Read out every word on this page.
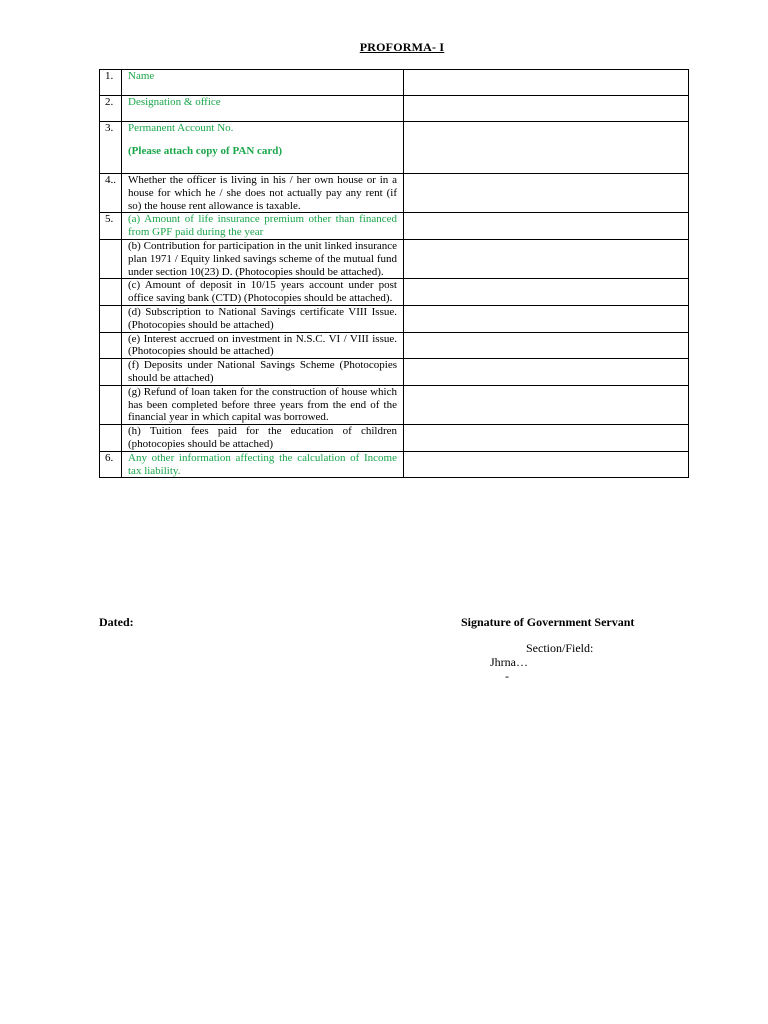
PROFORMA- I
1.	Name	
2.	Designation & office	
3.	Permanent Account No.
(Please attach copy of PAN card)	

4..	Whether the officer is living in his / her own house or in a house for which he / she does not actually pay any rent (if so) the house rent allowance is taxable.	
5.	(a) Amount of life insurance premium other than financed from GPF paid during the year	
	(b) Contribution for participation in the unit linked insurance plan 1971 / Equity linked savings scheme of the mutual fund under section 10(23) D. (Photocopies should be attached).	
	(c) Amount of deposit in 10/15 years account under post office saving bank (CTD) (Photocopies should be attached).	
	(d) Subscription to National Savings certificate VIII Issue. (Photocopies should be attached)	
	(e) Interest accrued on investment in N.S.C. VI / VIII issue. (Photocopies should be attached)	
	(f) Deposits under National Savings Scheme (Photocopies should be attached)	
	(g) Refund of loan taken for the construction of house which has been completed before three years from the end of the financial year in which capital was borrowed.	
	(h) Tuition fees paid for the education of children (photocopies should be attached)	
6.	Any other information affecting the calculation of Income tax liability.	
Dated:	Signature of Government Servant
Section/Field:
Jhrna…
-
